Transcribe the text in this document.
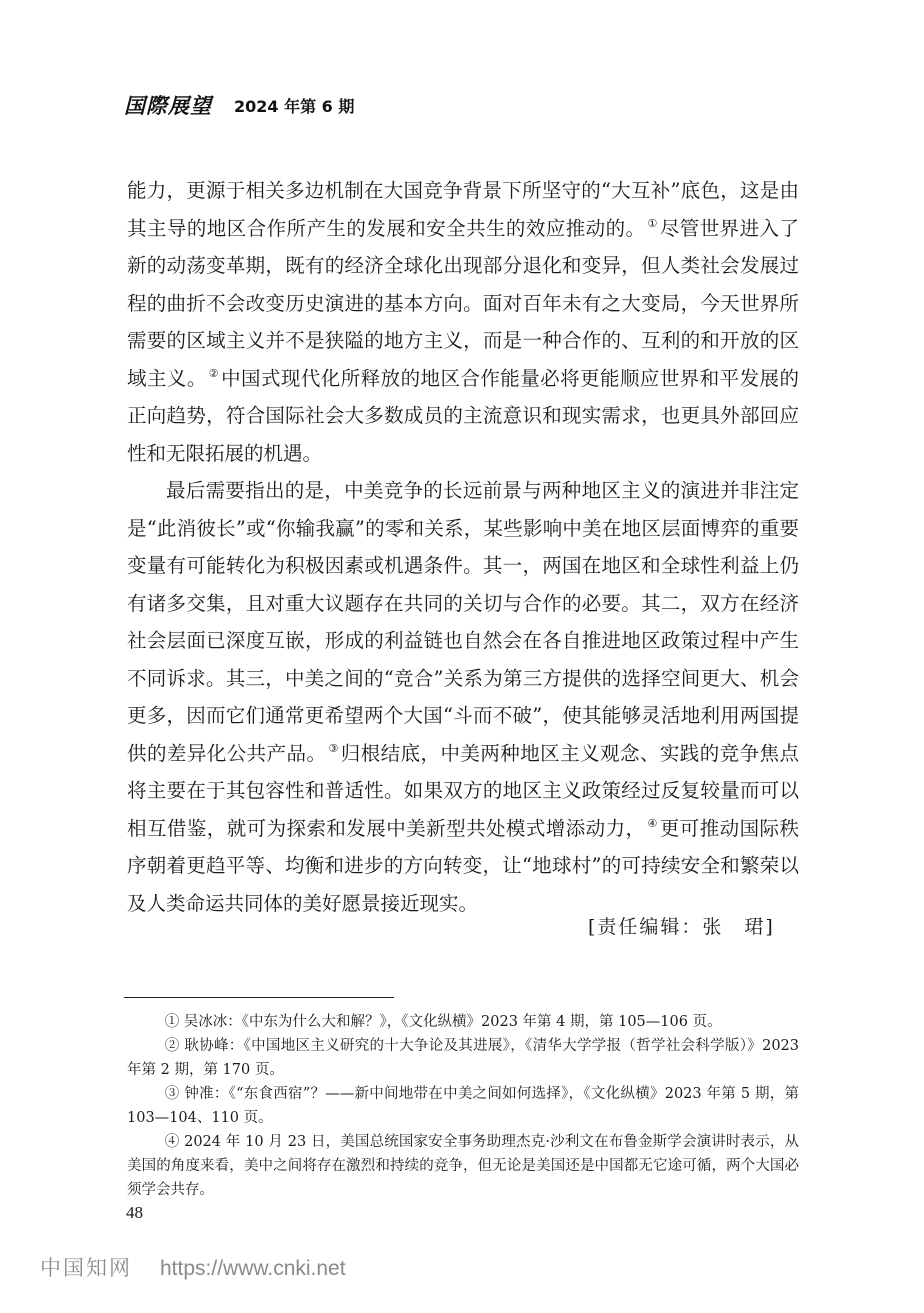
国際展望 2024 年第 6 期

能力，更源于相关多边机制在大国竞争背景下所坚守的“大互补”底色，这是由其主导的地区合作所产生的发展和安全共生的效应推动的。 ① 尽管世界进入了新的动荡变革期，既有的经济全球化出现部分退化和变异，但人类社会发展过程的曲折不会改变历史演进的基本方向。面对百年未有之大变局，今天世界所需要的区域主义并不是狭隘的地方主义，而是一种合作的、互利的和开放的区域主义。 ② 中国式现代化所释放的地区合作能量必将更能顺应世界和平发展的正向趋势，符合国际社会大多数成员的主流意识和现实需求，也更具外部回应性和无限拓展的机遇。

最后需要指出的是，中美竞争的长远前景与两种地区主义的演进并非注定是“此消彼长”或“你输我赢”的零和关系，某些影响中美在地区层面博弈的重要变量有可能转化为积极因素或机遇条件。其一，两国在地区和全球性利益上仍有诸多交集，且对重大议题存在共同的关切与合作的必要。其二，双方在经济社会层面已深度互嵌，形成的利益链也自然会在各自推进地区政策过程中产生不同诉求。其三，中美之间的“竞合”关系为第三方提供的选择空间更大、机会更多，因而它们通常更希望两个大国“斗而不破”，使其能够灵活地利用两国提供的差异化公共产品。 ③ 归根结底，中美两种地区主义观念、实践的竞争焦点将主要在于其包容性和普适性。如果双方的地区主义政策经过反复较量而可以相互借鉴，就可为探索和发展中美新型共处模式增添动力， ④ 更可推动国际秩序朝着更趋平等、均衡和进步的方向转变，让“地球村”的可持续安全和繁荣以及人类命运共同体的美好愿景接近现实。

[责任编辑：张　珺]

① 吴冰冰：《中东为什么大和解？》，《文化纵横》2023 年第 4 期，第 105—106 页。

② 耿协峰：《中国地区主义研究的十大争论及其进展》，《清华大学学报（哲学社会科学版）》2023 年第 2 期，第 170 页。

③ 钟准：《“东食西宿”？——新中间地带在中美之间如何选择》，《文化纵横》2023 年第 5 期，第 103—104、110 页。

④ 2024 年 10 月 23 日，美国总统国家安全事务助理杰克·沙利文在布鲁金斯学会演讲时表示，从美国的角度来看，美中之间将存在激烈和持续的竞争，但无论是美国还是中国都无它途可循，两个大国必须学会共存。

48
中国知网 https://www.cnki.net
